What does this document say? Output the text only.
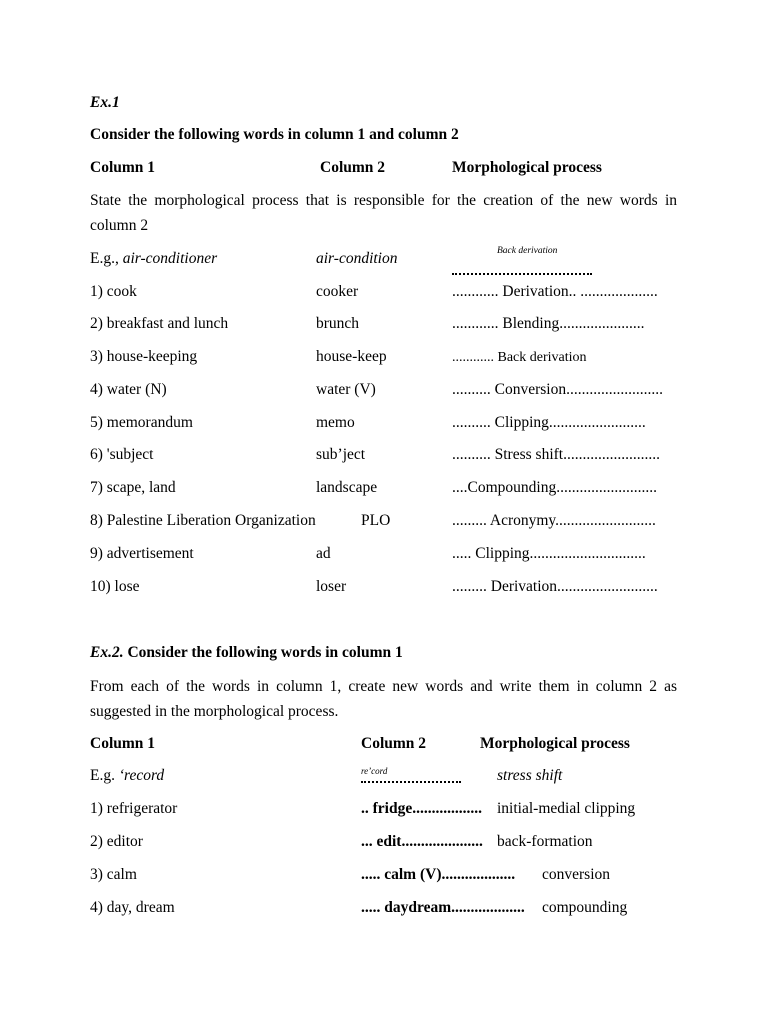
Ex.1
Consider the following words in column 1 and column 2
Column 1	Column 2	Morphological process
State the morphological process that is responsible for the creation of the new words in column 2
E.g., air-conditioner	air-condition	Back derivation
1) cook	cooker	............ Derivation.. ....................
2) breakfast and lunch	brunch	............ Blending......................
3) house-keeping	house-keep	............ Back derivation
4) water (N)	water (V)	.......... Conversion.........................
5) memorandum	memo	.......... Clipping.........................
6) 'subject	sub’ject	.......... Stress shift.........................
7) scape, land	landscape	....Compounding..........................
8) Palestine Liberation Organization	PLO	......... Acronymy..........................
9) advertisement	ad	..... Clipping..............................
10) lose	loser	......... Derivation..........................
Ex.2. Consider the following words in column 1
From each of the words in column 1, create new words and write them in column 2 as suggested in the morphological process.
Column 1	Column 2	Morphological process
E.g. ‘record	re’cord	stress shift
1) refrigerator	.. fridge.................. initial-medial clipping
2) editor	... edit..................... back-formation
3) calm	..... calm (V)................... conversion
4) day, dream	..... daydream................... compounding
